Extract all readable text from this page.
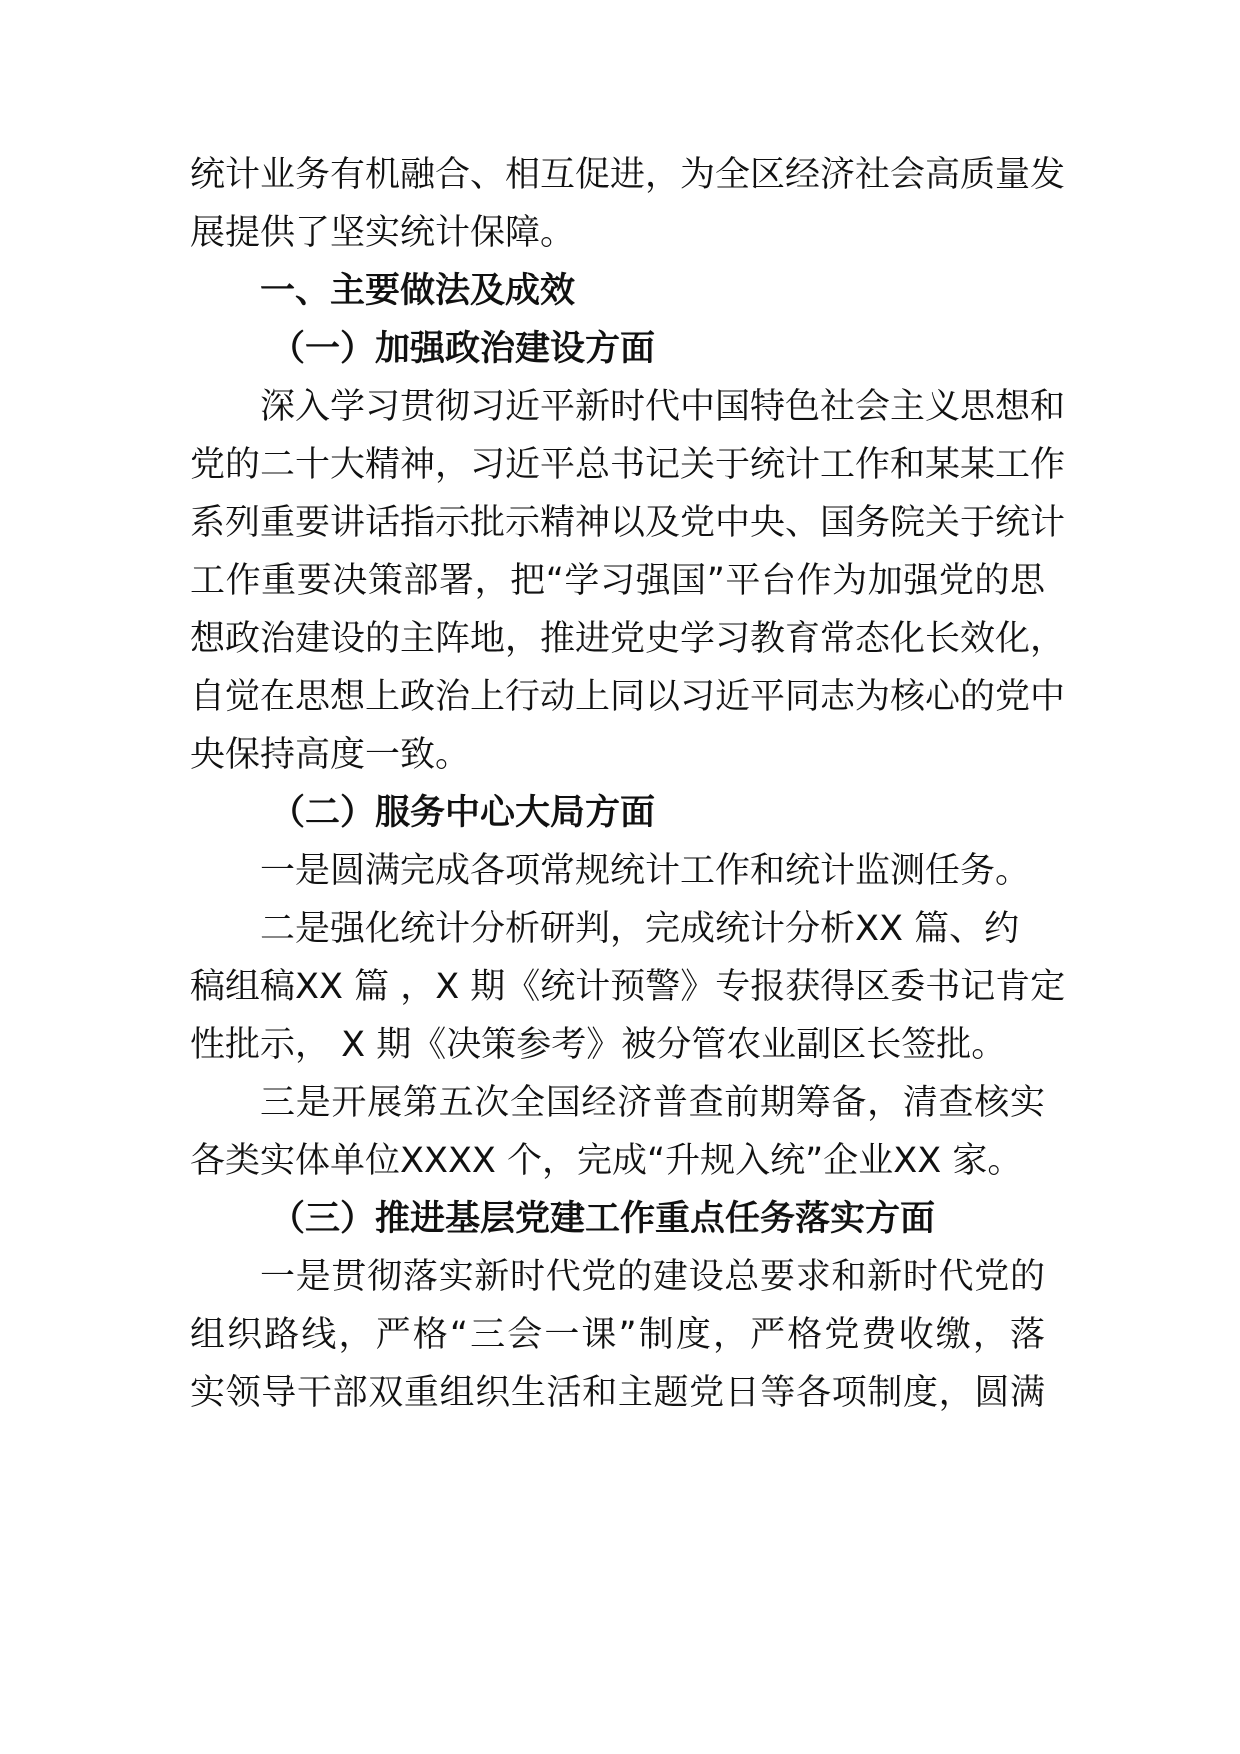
统计业务有机融合、相互促进，为全区经济社会高质量发
展提供了坚实统计保障。
一、主要做法及成效
（一）加强政治建设方面
深入学习贯彻习近平新时代中国特色社会主义思想和
党的二十大精神，习近平总书记关于统计工作和某某工作
系列重要讲话指示批示精神以及党中央、国务院关于统计
工作重要决策部署，把“学习强国”平台作为加强党的思
想政治建设的主阵地，推进党史学习教育常态化长效化，
自觉在思想上政治上行动上同以习近平同志为核心的党中
央保持高度一致。
（二）服务中心大局方面
一是圆满完成各项常规统计工作和统计监测任务。
二是强化统计分析研判，完成统计分析XX 篇、约
稿组稿XX 篇 ，X 期《统计预警》专报获得区委书记肯定
性批示， X 期《决策参考》被分管农业副区长签批。
三是开展第五次全国经济普查前期筹备，清查核实
各类实体单位XXXX 个，完成“升规入统”企业XX 家。
（三）推进基层党建工作重点任务落实方面
一是贯彻落实新时代党的建设总要求和新时代党的
组织路线，严格“三会一课”制度，严格党费收缴，落
实领导干部双重组织生活和主题党日等各项制度，圆满
